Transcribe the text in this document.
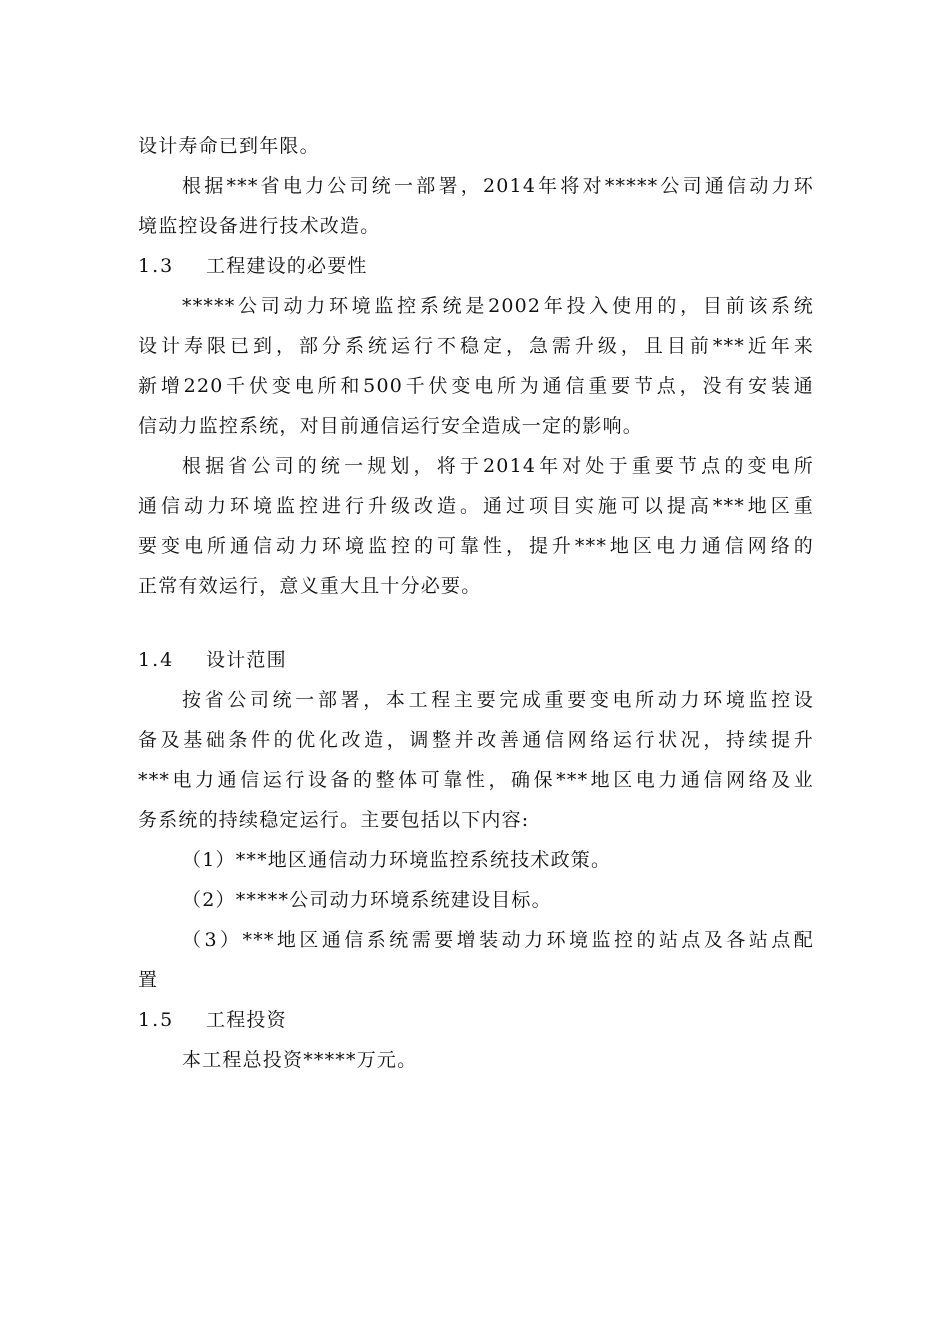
设计寿命已到年限。
根据***省电力公司统一部署，2014年将对*****公司通信动力环
境监控设备进行技术改造。
1.3	工程建设的必要性
*****公司动力环境监控系统是2002年投入使用的，目前该系统
设计寿限已到，部分系统运行不稳定，急需升级，且目前***近年来
新增220千伏变电所和500千伏变电所为通信重要节点，没有安装通
信动力监控系统，对目前通信运行安全造成一定的影响。
根据省公司的统一规划，将于2014年对处于重要节点的变电所
通信动力环境监控进行升级改造。通过项目实施可以提高***地区重
要变电所通信动力环境监控的可靠性，提升***地区电力通信网络的
正常有效运行，意义重大且十分必要。
1.4	设计范围
按省公司统一部署，本工程主要完成重要变电所动力环境监控设
备及基础条件的优化改造，调整并改善通信网络运行状况，持续提升
***电力通信运行设备的整体可靠性，确保***地区电力通信网络及业
务系统的持续稳定运行。主要包括以下内容:
（1）***地区通信动力环境监控系统技术政策。
（2）*****公司动力环境系统建设目标。
（3）***地区通信系统需要增装动力环境监控的站点及各站点配
置
1.5	工程投资
本工程总投资*****万元。
